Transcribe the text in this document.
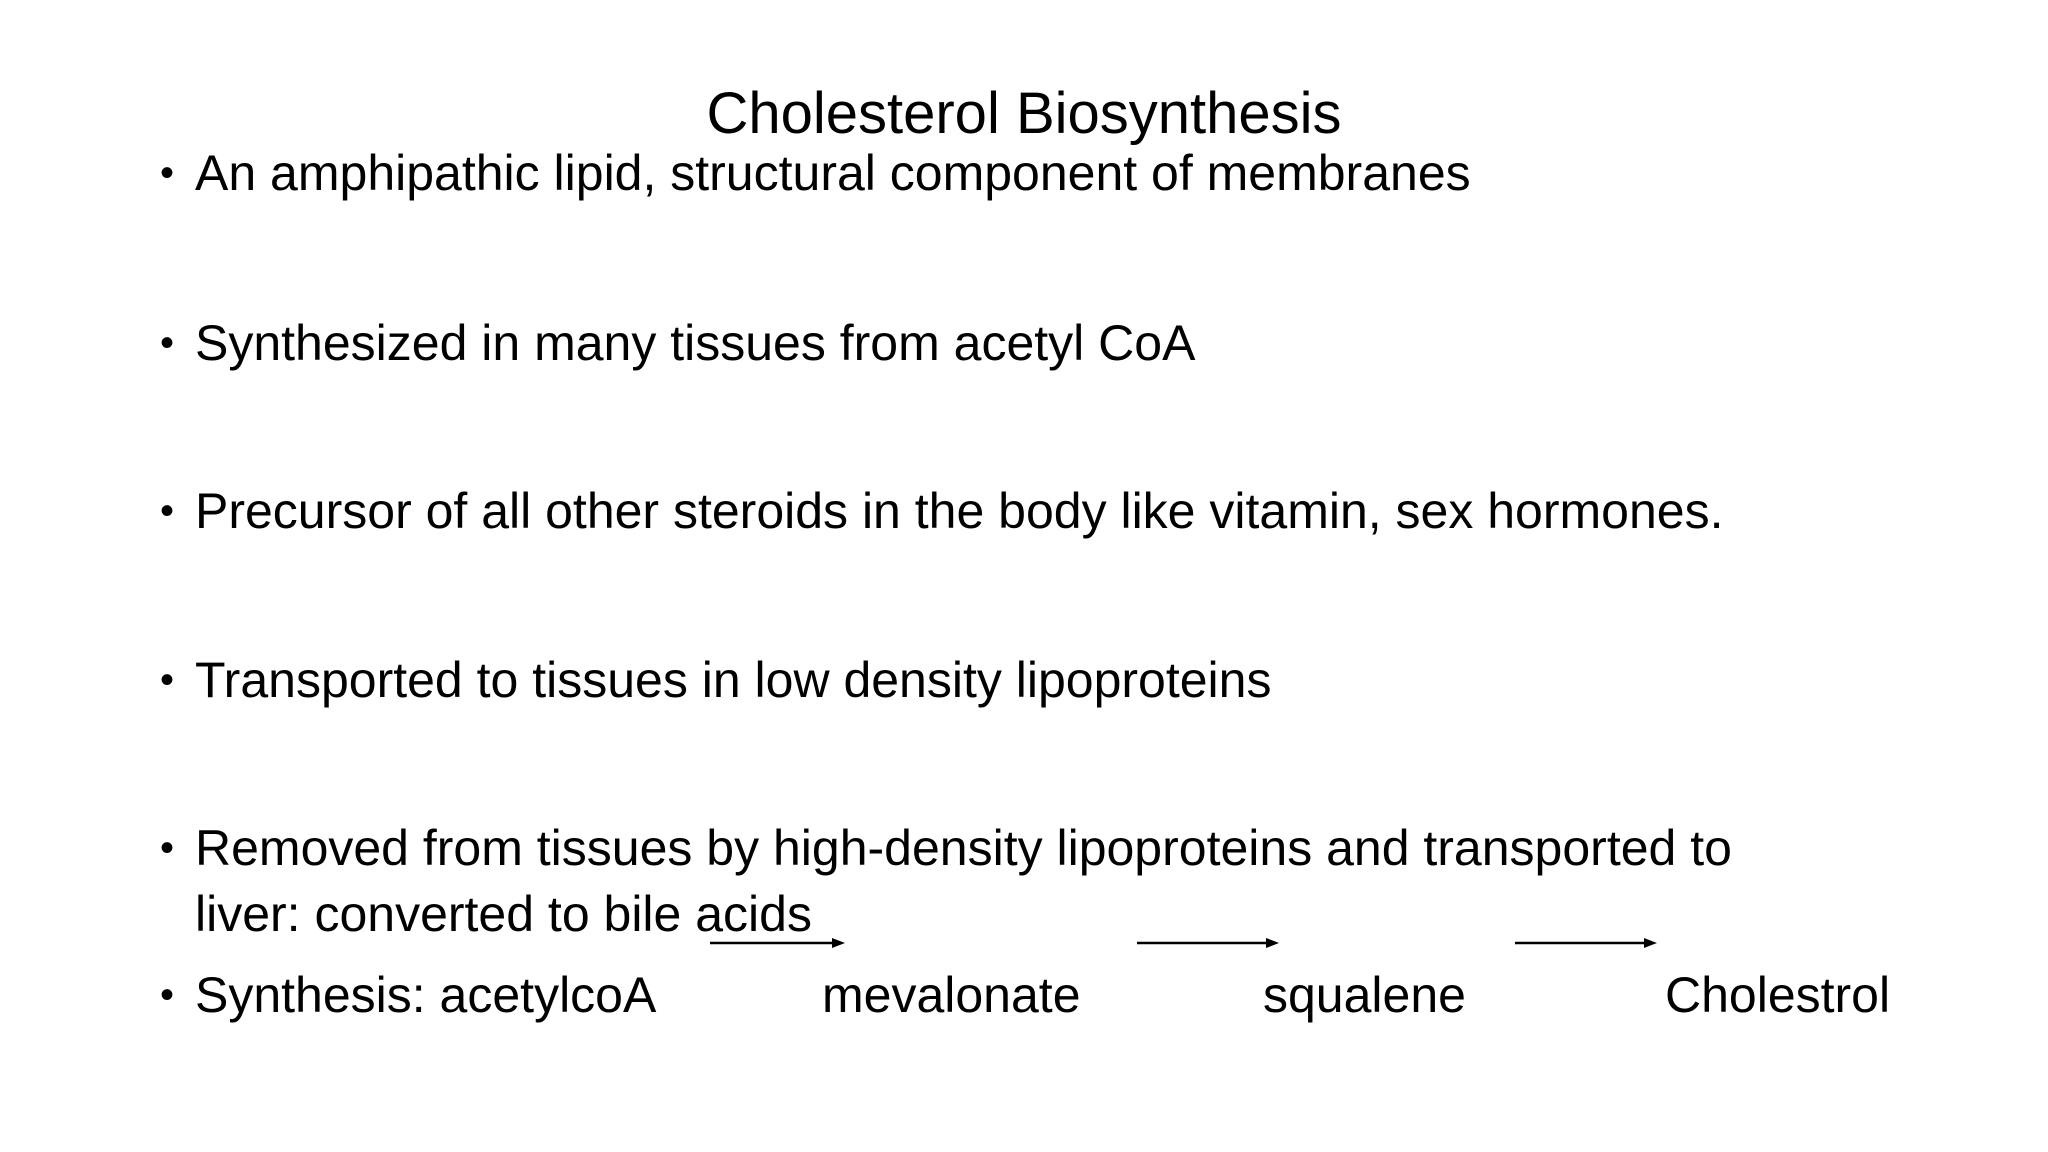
Cholesterol Biosynthesis
• An amphipathic lipid, structural component of membranes
• Synthesized in many tissues from acetyl CoA
• Precursor of all other steroids in the body like vitamin, sex hormones.
• Transported to tissues in low density lipoproteins
• Removed from tissues by high-density lipoproteins and transported to
liver: converted to bile acids
• Synthesis: acetylcoA	mevalonate	squalene	Cholestrol
